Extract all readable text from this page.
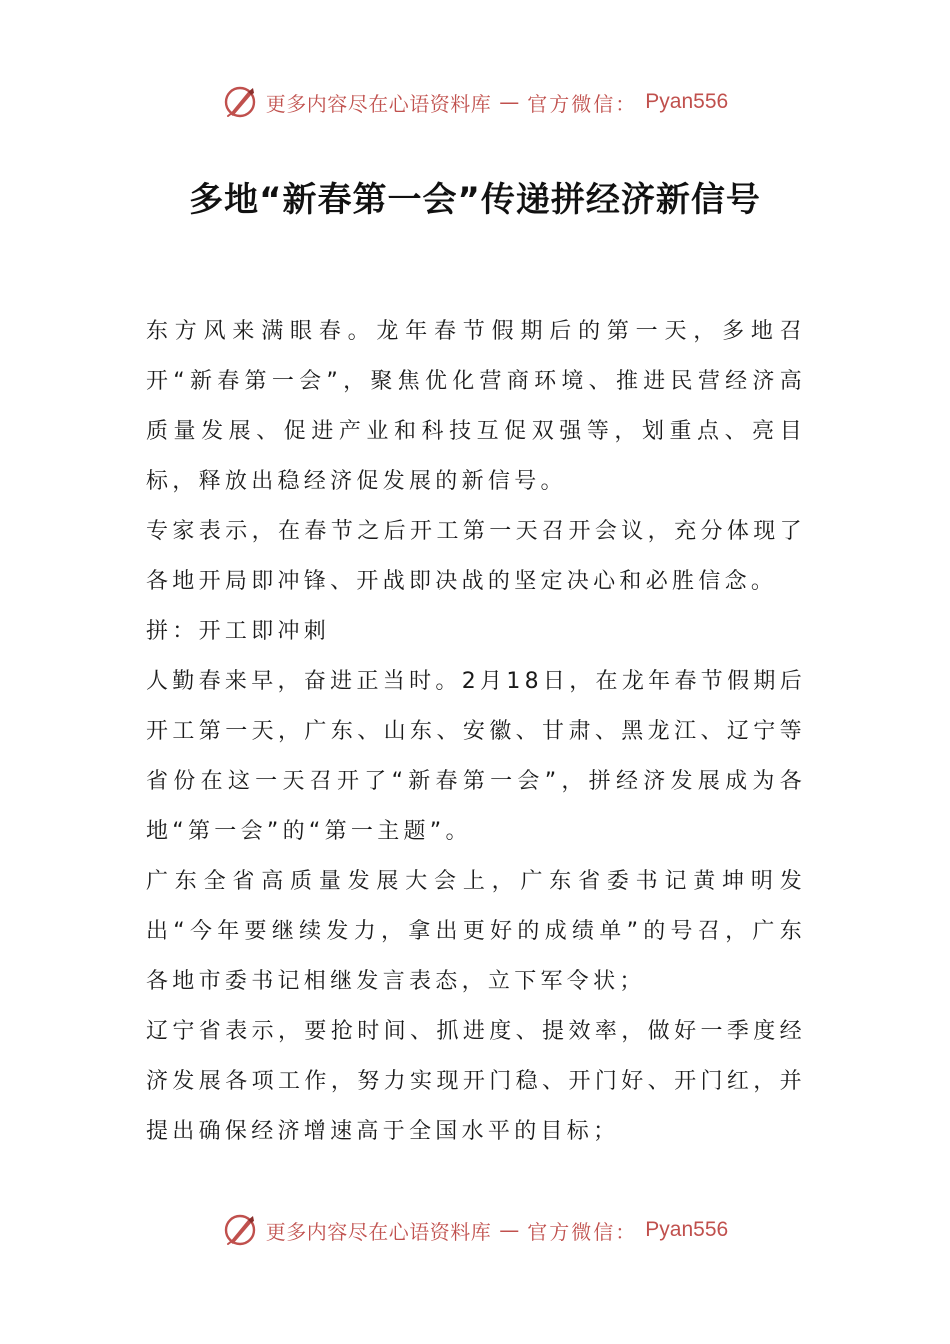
更多内容尽在心语资料库 — 官方微信： Pyan556
多地“新春第一会”传递拼经济新信号

东方风来满眼春。龙年春节假期后的第一天，多地召开“新春第一会”，聚焦优化营商环境、推进民营经济高质量发展、促进产业和科技互促双强等，划重点、亮目标，释放出稳经济促发展的新信号。

专家表示，在春节之后开工第一天召开会议，充分体现了各地开局即冲锋、开战即决战的坚定决心和必胜信念。

拼：开工即冲刺

人勤春来早，奋进正当时。2月18日，在龙年春节假期后开工第一天，广东、山东、安徽、甘肃、黑龙江、辽宁等省份在这一天召开了“新春第一会”，拼经济发展成为各地“第一会”的“第一主题”。

广东全省高质量发展大会上，广东省委书记黄坤明发出“今年要继续发力，拿出更好的成绩单”的号召，广东各地市委书记相继发言表态，立下军令状；

辽宁省表示，要抢时间、抓进度、提效率，做好一季度经济发展各项工作，努力实现开门稳、开门好、开门红，并提出确保经济增速高于全国水平的目标；

更多内容尽在心语资料库 — 官方微信： Pyan556
